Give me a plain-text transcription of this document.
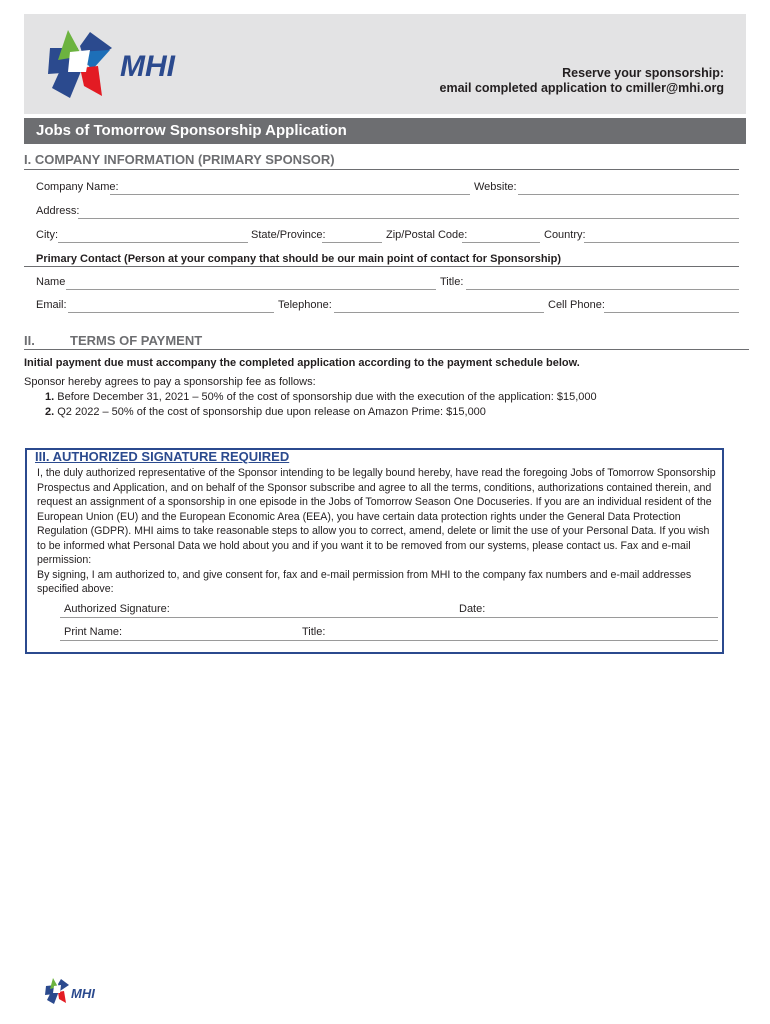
MHI	Reserve your sponsorship:
email completed application to cmiller@mhi.org
Jobs of Tomorrow Sponsorship Application
I. COMPANY INFORMATION (PRIMARY SPONSOR)
Company Name:	Website:
Address:
City:	State/Province:	Zip/Postal Code:	Country:
Primary Contact (Person at your company that should be our main point of contact for Sponsorship)
Name	Title:
Email:	Telephone:	Cell Phone:
II.	TERMS OF PAYMENT
Initial payment due must accompany the completed application according to the payment schedule below.
Sponsor hereby agrees to pay a sponsorship fee as follows:
1. Before December 31, 2021 – 50% of the cost of sponsorship due with the execution of the application: $15,000
2. Q2 2022 – 50% of the cost of sponsorship due upon release on Amazon Prime: $15,000
III. AUTHORIZED SIGNATURE REQUIRED
I, the duly authorized representative of the Sponsor intending to be legally bound hereby, have read the foregoing Jobs of Tomorrow Sponsorship Prospectus and Application, and on behalf of the Sponsor subscribe and agree to all the terms, conditions, authorizations contained therein, and request an assignment of a sponsorship in one episode in the Jobs of Tomorrow Season One Docuseries. If you are an individual resident of the European Union (EU) and the European Economic Area (EEA), you have certain data protection rights under the General Data Protection Regulation (GDPR). MHI aims to take reasonable steps to allow you to correct, amend, delete or limit the use of your Personal Data. If you wish to be informed what Personal Data we hold about you and if you want it to be removed from our systems, please contact us. Fax and e-mail permission:
By signing, I am authorized to, and give consent for, fax and e-mail permission from MHI to the company fax numbers and e-mail addresses specified above:
Authorized Signature:	Date:
Print Name:	Title:
MHI
